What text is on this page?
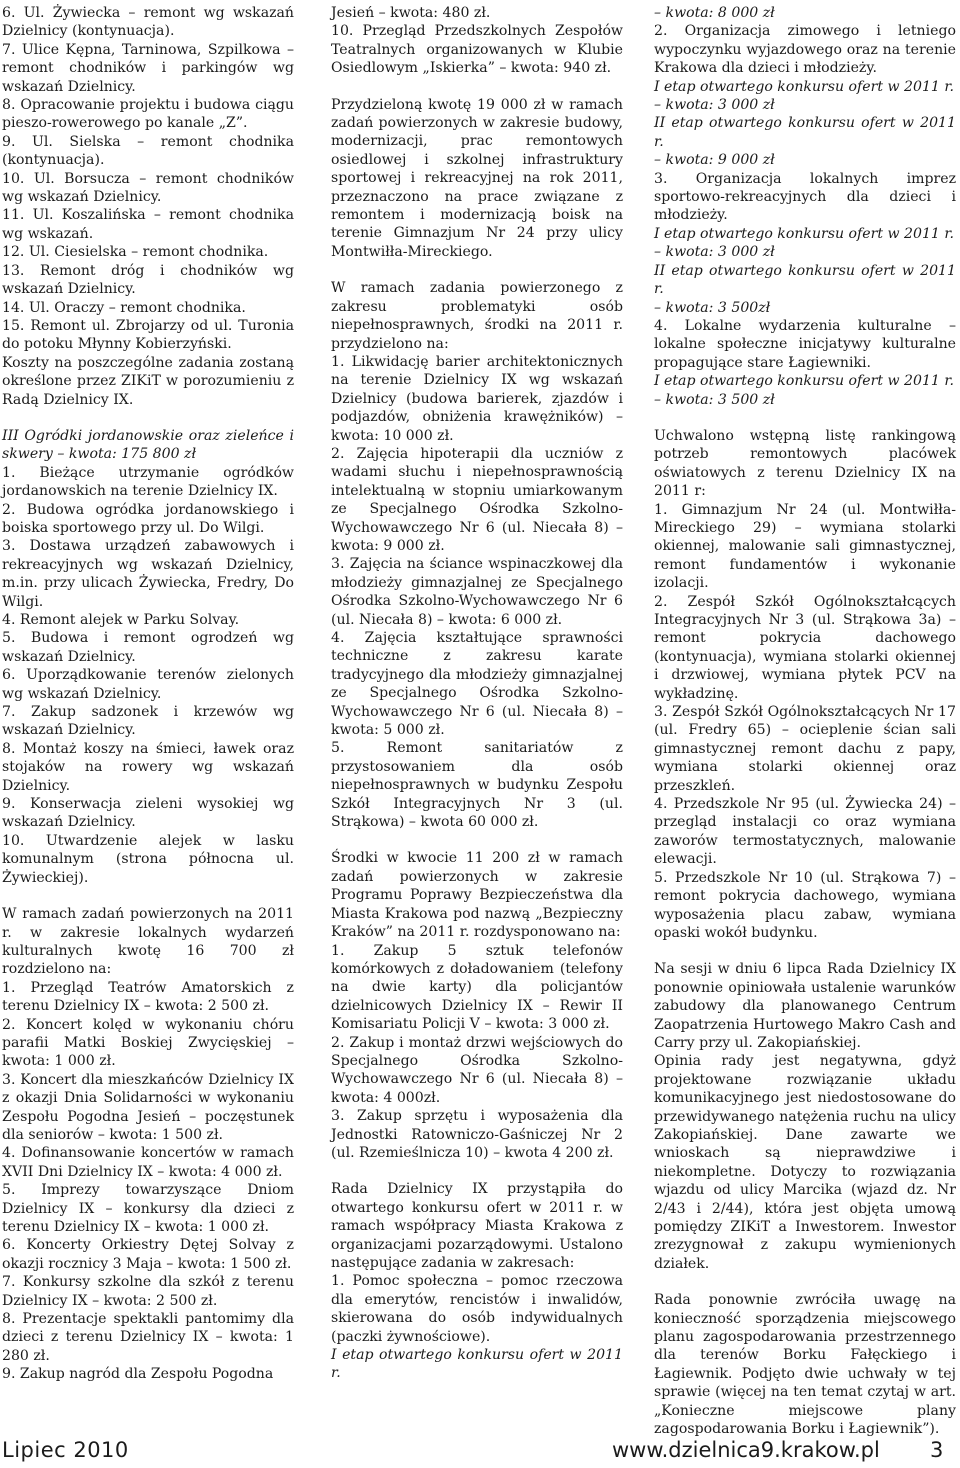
6. Ul. Żywiecka – remont wg wskazań Dzielnicy (kontynuacja).

7. Ulice Kępna, Tarninowa, Szpilkowa – remont chodników i parkingów wg wskazań Dzielnicy.

8. Opracowanie projektu i budowa ciągu pieszo-rowerowego po kanale „Z”.

9. Ul. Sielska – remont chodnika (kontynuacja).

10. Ul. Borsucza – remont chodników wg wskazań Dzielnicy.

11. Ul. Koszalińska – remont chodnika wg wskazań.

12. Ul. Ciesielska – remont chodnika.

13. Remont dróg i chodników wg wskazań Dzielnicy.

14. Ul. Oraczy – remont chodnika.

15. Remont ul. Zbrojarzy od ul. Turonia do potoku Młynny Kobierzyński.

Koszty na poszczególne zadania zostaną określone przez ZIKiT w porozumieniu z Radą Dzielnicy IX.

III Ogródki jordanowskie oraz zieleńce i skwery – kwota: 175 800 zł

1. Bieżące utrzymanie ogródków jordanowskich na terenie Dzielnicy IX.

2. Budowa ogródka jordanowskiego i boiska sportowego przy ul. Do Wilgi.

3. Dostawa urządzeń zabawowych i rekreacyjnych wg wskazań Dzielnicy, m.in. przy ulicach Żywiecka, Fredry, Do Wilgi.

4. Remont alejek w Parku Solvay.

5. Budowa i remont ogrodzeń wg wskazań Dzielnicy.

6. Uporządkowanie terenów zielonych wg wskazań Dzielnicy.

7. Zakup sadzonek i krzewów wg wskazań Dzielnicy.

8. Montaż koszy na śmieci, ławek oraz stojaków na rowery wg wskazań Dzielnicy.

9. Konserwacja zieleni wysokiej wg wskazań Dzielnicy.

10. Utwardzenie alejek w lasku komunalnym (strona północna ul. Żywieckiej).

W ramach zadań powierzonych na 2011 r. w zakresie lokalnych wydarzeń kulturalnych kwotę 16 700 zł rozdzielono na:

1. Przegląd Teatrów Amatorskich z terenu Dzielnicy IX – kwota: 2 500 zł.

2. Koncert kolęd w wykonaniu chóru parafii Matki Boskiej Zwycięskiej – kwota: 1 000 zł.

3. Koncert dla mieszkańców Dzielnicy IX z okazji Dnia Solidarności w wykonaniu Zespołu Pogodna Jesień – poczęstunek dla seniorów – kwota: 1 500 zł.

4. Dofinansowanie koncertów w ramach XVII Dni Dzielnicy IX – kwota: 4 000 zł.

5. Imprezy towarzyszące Dniom Dzielnicy IX – konkursy dla dzieci z terenu Dzielnicy IX – kwota: 1 000 zł.

6. Koncerty Orkiestry Dętej Solvay z okazji rocznicy 3 Maja – kwota: 1 500 zł.

7. Konkursy szkolne dla szkół z terenu Dzielnicy IX – kwota: 2 500 zł.

8. Prezentacje spektakli pantomimy dla dzieci z terenu Dzielnicy IX – kwota: 1 280 zł.

9. Zakup nagród dla Zespołu Pogodna

Jesień – kwota: 480 zł.

10. Przegląd Przedszkolnych Zespołów Teatralnych organizowanych w Klubie Osiedlowym „Iskierka” – kwota: 940 zł.

Przydzieloną kwotę 19 000 zł w ramach zadań powierzonych w zakresie budowy, modernizacji, prac remontowych osiedlowej i szkolnej infrastruktury sportowej i rekreacyjnej na rok 2011, przeznaczono na prace związane z remontem i modernizacją boisk na terenie Gimnazjum Nr 24 przy ulicy Montwiłła-Mireckiego.

W ramach zadania powierzonego z zakresu problematyki osób niepełnosprawnych, środki na 2011 r. przydzielono na:

1. Likwidację barier architektonicznych na terenie Dzielnicy IX wg wskazań Dzielnicy (budowa barierek, zjazdów i podjazdów, obniżenia krawężników) – kwota: 10 000 zł.

2. Zajęcia hipoterapii dla uczniów z wadami słuchu i niepełnosprawnością intelektualną w stopniu umiarkowanym ze Specjalnego Ośrodka Szkolno-Wychowawczego Nr 6 (ul. Niecała 8) – kwota: 9 000 zł.

3. Zajęcia na ściance wspinaczkowej dla młodzieży gimnazjalnej ze Specjalnego Ośrodka Szkolno-Wychowawczego Nr 6 (ul. Niecała 8) – kwota: 6 000 zł.

4. Zajęcia kształtujące sprawności techniczne z zakresu karate tradycyjnego dla młodzieży gimnazjalnej ze Specjalnego Ośrodka Szkolno-Wychowawczego Nr 6 (ul. Niecała 8) – kwota: 5 000 zł.

5. Remont sanitariatów z przystosowaniem dla osób niepełnosprawnych w budynku Zespołu Szkół Integracyjnych Nr 3 (ul. Strąkowa) – kwota 60 000 zł.

Środki w kwocie 11 200 zł w ramach zadań powierzonych w zakresie Programu Poprawy Bezpieczeństwa dla Miasta Krakowa pod nazwą „Bezpieczny Kraków” na 2011 r. rozdysponowano na:

1. Zakup 5 sztuk telefonów komórkowych z doładowaniem (telefony na dwie karty) dla policjantów dzielnicowych Dzielnicy IX – Rewir II Komisariatu Policji V – kwota: 3 000 zł.

2. Zakup i montaż drzwi wejściowych do Specjalnego Ośrodka Szkolno-Wychowawczego Nr 6 (ul. Niecała 8) – kwota: 4 000zł.

3. Zakup sprzętu i wyposażenia dla Jednostki Ratowniczo-Gaśniczej Nr 2 (ul. Rzemieślnicza 10) – kwota 4 200 zł.

Rada Dzielnicy IX przystąpiła do otwartego konkursu ofert w 2011 r. w ramach współpracy Miasta Krakowa z organizacjami pozarządowymi. Ustalono następujące zadania w zakresach:

1. Pomoc społeczna – pomoc rzeczowa dla emerytów, rencistów i inwalidów, skierowana do osób indywidualnych (paczki żywnościowe).

I etap otwartego konkursu ofert w 2011 r.

– kwota: 8 000 zł

2. Organizacja zimowego i letniego wypoczynku wyjazdowego oraz na terenie Krakowa dla dzieci i młodzieży.

I etap otwartego konkursu ofert w 2011 r.

– kwota: 3 000 zł

II etap otwartego konkursu ofert w 2011 r.

– kwota: 9 000 zł

3. Organizacja lokalnych imprez sportowo-rekreacyjnych dla dzieci i młodzieży.

I etap otwartego konkursu ofert w 2011 r.

– kwota: 3 000 zł

II etap otwartego konkursu ofert w 2011 r.

– kwota: 3 500zł

4. Lokalne wydarzenia kulturalne – lokalne społeczne inicjatywy kulturalne propagujące stare Łagiewniki.

I etap otwartego konkursu ofert w 2011 r.

– kwota: 3 500 zł

Uchwalono wstępną listę rankingową potrzeb remontowych placówek oświatowych z terenu Dzielnicy IX na 2011 r:

1. Gimnazjum Nr 24 (ul. Montwiłła-Mireckiego 29) – wymiana stolarki okiennej, malowanie sali gimnastycznej, remont fundamentów i wykonanie izolacji.

2. Zespół Szkół Ogólnokształcących Integracyjnych Nr 3 (ul. Strąkowa 3a) – remont pokrycia dachowego (kontynuacja), wymiana stolarki okiennej i drzwiowej, wymiana płytek PCV na wykładzinę.

3. Zespół Szkół Ogólnokształcących Nr 17 (ul. Fredry 65) – ocieplenie ścian sali gimnastycznej remont dachu z papy, wymiana stolarki okiennej oraz przeszkleń.

4. Przedszkole Nr 95 (ul. Żywiecka 24) – przegląd instalacji co oraz wymiana zaworów termostatycznych, malowanie elewacji.

5. Przedszkole Nr 10 (ul. Strąkowa 7) – remont pokrycia dachowego, wymiana wyposażenia placu zabaw, wymiana opaski wokół budynku.

Na sesji w dniu 6 lipca Rada Dzielnicy IX ponownie opiniowała ustalenie warunków zabudowy dla planowanego Centrum Zaopatrzenia Hurtowego Makro Cash and Carry przy ul. Zakopiańskiej.

Opinia rady jest negatywna, gdyż projektowane rozwiązanie układu komunikacyjnego jest niedostosowane do przewidywanego natężenia ruchu na ulicy Zakopiańskiej. Dane zawarte we wnioskach są nieprawdziwe i niekompletne. Dotyczy to rozwiązania wjazdu od ulicy Marcika (wjazd dz. Nr 2/43 i 2/44), która jest objęta umową pomiędzy ZIKiT a Inwestorem. Inwestor zrezygnował z zakupu wymienionych działek.

Rada ponownie zwróciła uwagę na konieczność sporządzenia miejscowego planu zagospodarowania przestrzennego dla terenów Borku Fałęckiego i Łagiewnik. Podjęto dwie uchwały w tej sprawie (więcej na ten temat czytaj w art. „Konieczne miejscowe plany zagospodarowania Borku i Łagiewnik”).

Lipiec 2010	www.dzielnica9.krakow.pl 3
